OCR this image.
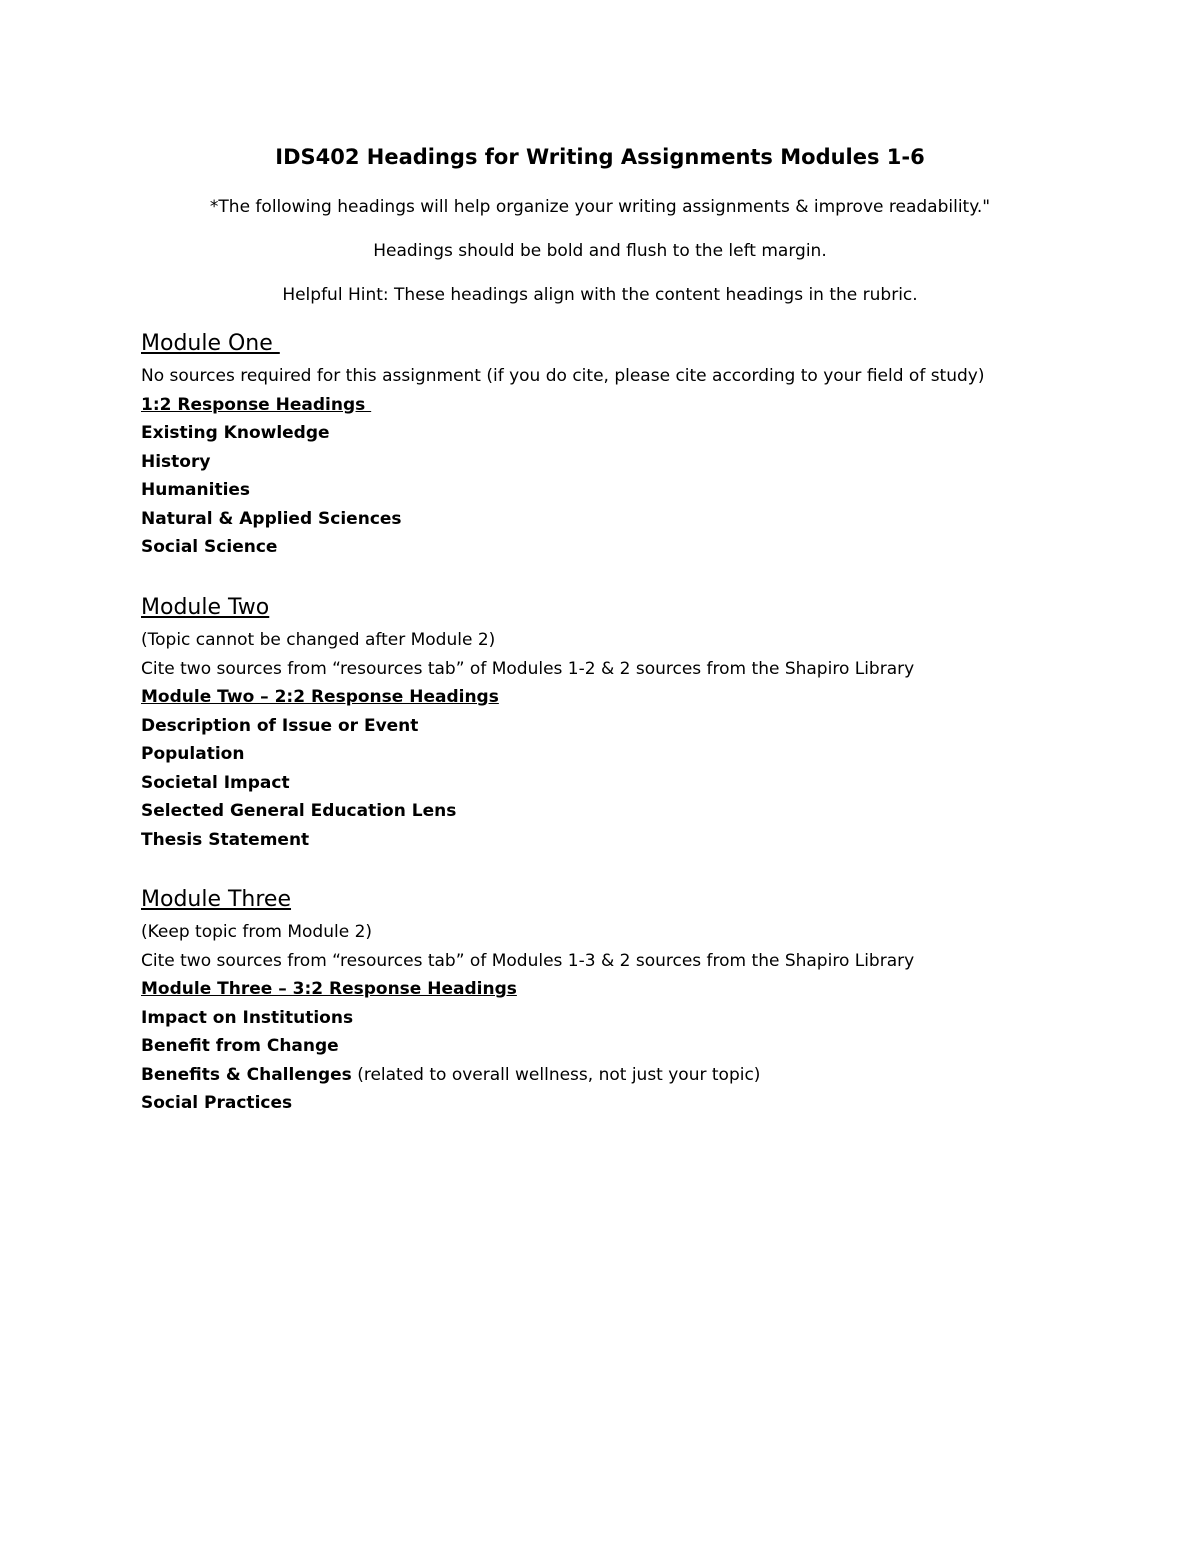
IDS402 Headings for Writing Assignments Modules 1-6
*The following headings will help organize your writing assignments & improve readability."
Headings should be bold and flush to the left margin.
Helpful Hint: These headings align with the content headings in the rubric.
Module One
No sources required for this assignment (if you do cite, please cite according to your field of study)
1:2 Response Headings
Existing Knowledge
History
Humanities
Natural & Applied Sciences
Social Science
Module Two
(Topic cannot be changed after Module 2)
Cite two sources from “resources tab” of Modules 1-2 & 2 sources from the Shapiro Library
Module Two – 2:2 Response Headings
Description of Issue or Event
Population
Societal Impact
Selected General Education Lens
Thesis Statement
Module Three
(Keep topic from Module 2)
Cite two sources from “resources tab” of Modules 1-3 & 2 sources from the Shapiro Library
Module Three – 3:2 Response Headings
Impact on Institutions
Benefit from Change
Benefits & Challenges (related to overall wellness, not just your topic)
Social Practices
